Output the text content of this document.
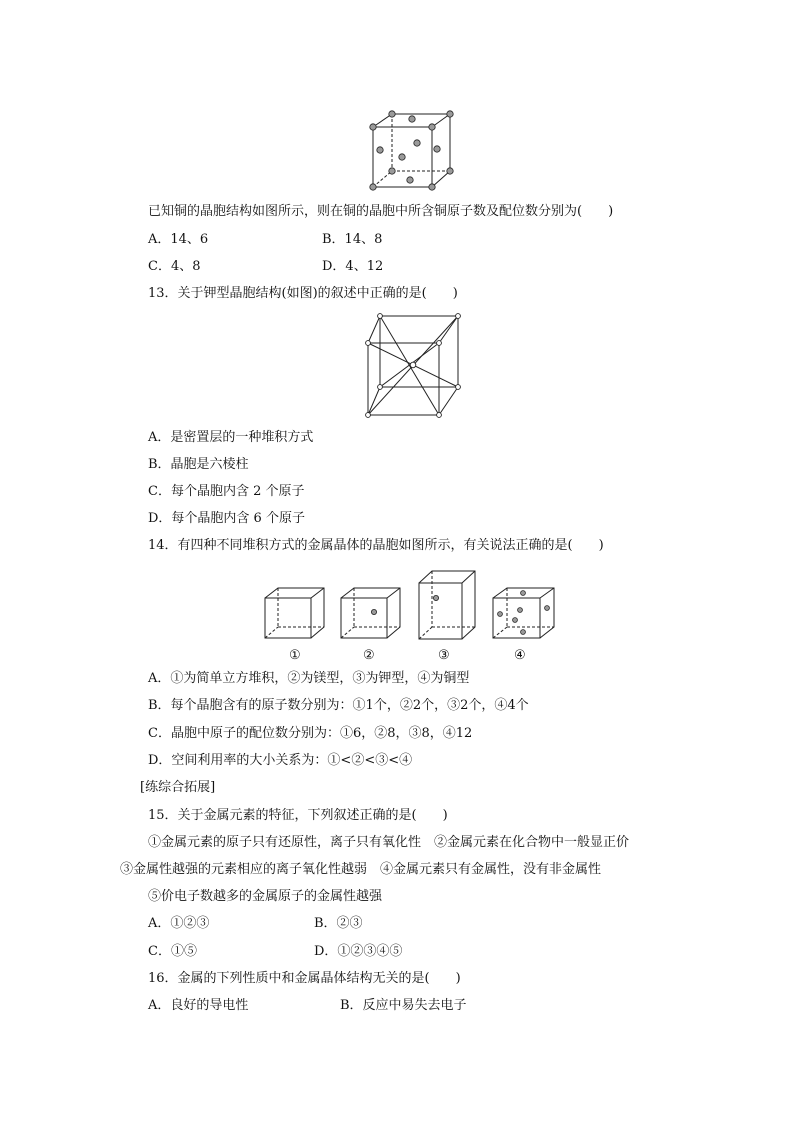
已知铜的晶胞结构如图所示，则在铜的晶胞中所含铜原子数及配位数分别为(　　)
A．14、6	B．14、8
C．4、8	D．4、12
13．关于钾型晶胞结构(如图)的叙述中正确的是(　　)
A．是密置层的一种堆积方式
B．晶胞是六棱柱
C．每个晶胞内含 2 个原子
D．每个晶胞内含 6 个原子
14．有四种不同堆积方式的金属晶体的晶胞如图所示，有关说法正确的是(　　)
①	②	③	④
A．①为简单立方堆积，②为镁型，③为钾型，④为铜型
B．每个晶胞含有的原子数分别为：①1个，②2个，③2个，④4个
C．晶胞中原子的配位数分别为：①6，②8，③8，④12
D．空间利用率的大小关系为：①<②<③<④
[练综合拓展]
15．关于金属元素的特征，下列叙述正确的是(　　)
①金属元素的原子只有还原性，离子只有氧化性　②金属元素在化合物中一般显正价
③金属性越强的元素相应的离子氧化性越弱　④金属元素只有金属性，没有非金属性
⑤价电子数越多的金属原子的金属性越强
A．①②③	B．②③
C．①⑤	D．①②③④⑤
16．金属的下列性质中和金属晶体结构无关的是(　　)
A．良好的导电性	B．反应中易失去电子
